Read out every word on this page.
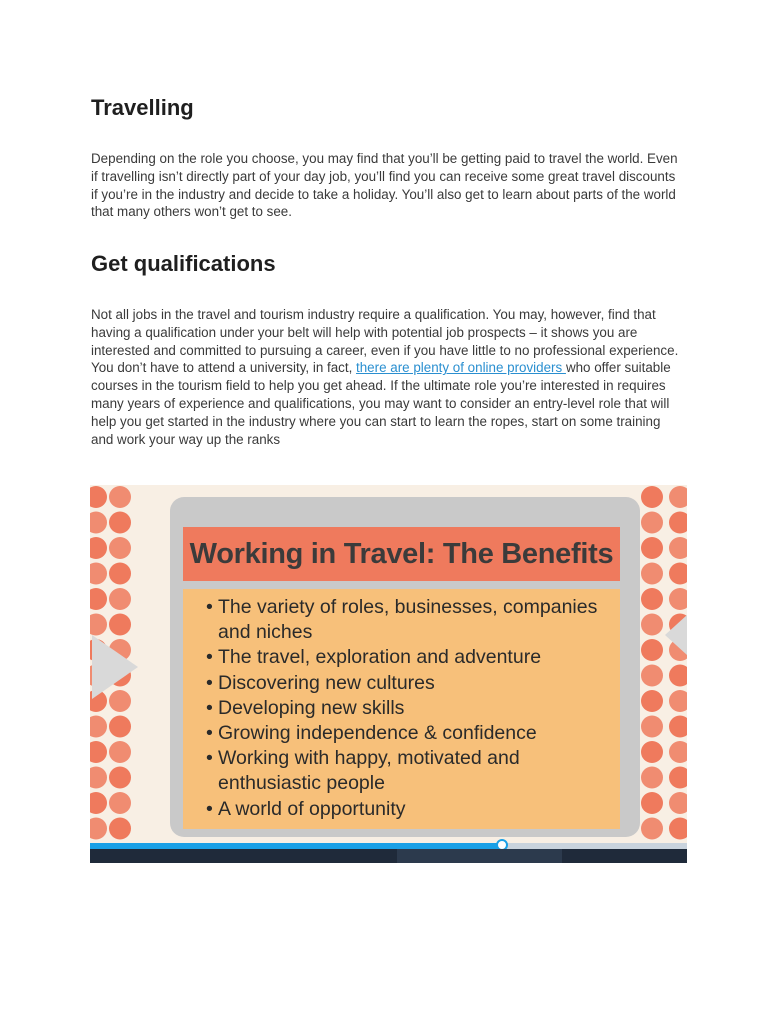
Travelling

Depending on the role you choose, you may find that you’ll be getting paid to travel the world. Even if travelling isn’t directly part of your day job, you’ll find you can receive some great travel discounts if you’re in the industry and decide to take a holiday. You’ll also get to learn about parts of the world that many others won’t get to see.

Get qualifications

Not all jobs in the travel and tourism industry require a qualification. You may, however, find that having a qualification under your belt will help with potential job prospects – it shows you are interested and committed to pursuing a career, even if you have little to no professional experience. You don’t have to attend a university, in fact, there are plenty of online providers who offer suitable courses in the tourism field to help you get ahead. If the ultimate role you’re interested in requires many years of experience and qualifications, you may want to consider an entry-level role that will help you get started in the industry where you can start to learn the ropes, start on some training and work your way up the ranks

Working in Travel: The Benefits
• The variety of roles, businesses, companies and niches
• The travel, exploration and adventure
• Discovering new cultures
• Developing new skills
• Growing independence & confidence
• Working with happy, motivated and enthusiastic people
• A world of opportunity
